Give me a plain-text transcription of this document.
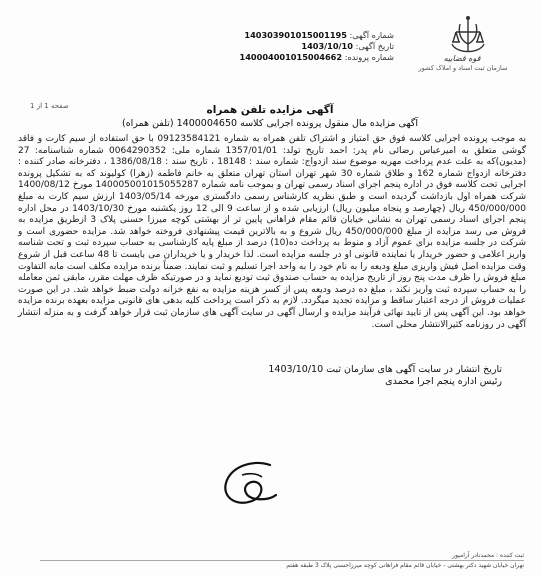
قوه قضاییه
سازمان ثبت اسناد و املاک کشور
شماره آگهی: 140303901015001195
تاریخ آگهی: 1403/10/10
شماره پرونده: 140004001015004662
صفحه 1 از 1	آگهی مزایده تلفن همراه
آگهی مزایده مال منقول پرونده اجرایی کلاسه 1400004650 (تلفن همراه)

به موجب پرونده اجرایی کلاسه فوق حق امتیاز و اشتراک تلفن همراه به شماره 09123584121 با حق استفاده از سیم کارت و فاقد گوشی متعلق به امیرعباس رضائی نام پدر: احمد تاریخ تولد: 1357/01/01 شماره ملی: 0064290352 شماره شناسنامه: 27 (مدیون)که به علت عدم پرداخت مهریه موضوع سند ازدواج: شماره سند : 18148 ، تاریخ سند : 1386/08/18 ، دفترخانه صادر کننده : دفترخانه ازدواج شماره 162 و طلاق شماره 30 شهر تهران استان تهران متعلق به خانم فاطمه (زهرا) کولیوند که به تشکیل پرونده اجرایی تحت کلاسه فوق در اداره پنجم اجرای اسناد رسمی تهران و بموجب نامه شماره 140005001015055287 مورخ 1400/08/12 شرکت همراه اول بازداشت گردیده است و طبق نظریه کارشناس رسمی دادگستری مورخه 1403/05/14 ارزش سیم کارت به مبلغ 450/000/000 ریال (چهارصد و پنجاه میلیون ریال) ارزیابی شده و از ساعت 9 الی 12 روز یکشنبه مورخ 1403/10/30 در محل اداره پنجم اجرای اسناد رسمی تهران به نشانی خیابان قائم مقام فراهانی پایین تر از بهشتی کوچه میرزا حسنی پلاک 3 ازطریق مزایده به فروش می رسد مزایده از مبلغ 450/000/000 ریال شروع و به بالاترین قیمت پیشنهادی فروخته خواهد شد. مزایده حضوری است و شرکت در جلسه مزایده برای عموم آزاد و منوط به پرداخت ده(10) درصد از مبلغ پایه کارشناسی به حساب سپرده ثبت و تحت شناسه واریز اعلامی و حضور خریدار یا نماینده قانونی او در جلسه مزایده است. لذا خریدار و یا خریداران می بایست تا 48 ساعت قبل از شروع وقت مزایده اصل فیش واریزی مبلغ ودیعه را به نام خود را به واحد اجرا تسلیم و ثبت نمایند. ضمناً برنده مزایده مکلف است مابه التفاوت مبلغ فروش را ظرف مدت پنج روز از تاریخ مزایده به حساب صندوق ثبت توديع نمايد و در صورتیکه ظرف مهلت مقرر، مابقی ثمن معامله را به حساب سپرده ثبت واریز نکند ، مبلغ ده درصد ودیعه پس از کسر هزینه مزایده به نفع خزانه دولت ضبط خواهد شد. در این صورت عملیات فروش از درجه اعتبار ساقط و مزایده تجدید میگردد. لازم به ذکر است پرداخت کلیه بدهی های قانونی مزایده بعهده برنده مزایده خواهد بود. این آگهی پس از تایید نهائی فرآیند مزایده و ارسال آگهی در سایت آگهی های سازمان ثبت قرار خواهد گرفت و به منزله انتشار آگهی در روزنامه کثیرالانتشار محلی است.

تاریخ انتشار در سایت آگهی های سازمان ثبت 1403/10/10
رئیس اداره پنجم اجرا محمدی
ثبت کننده : محمدنادر آرامپور
تهران خیابان شهید دکتر بهشتی - خیابان قائم مقام فراهانی کوچه میرزاحسنی پلاک 3 طبقه هفتم
